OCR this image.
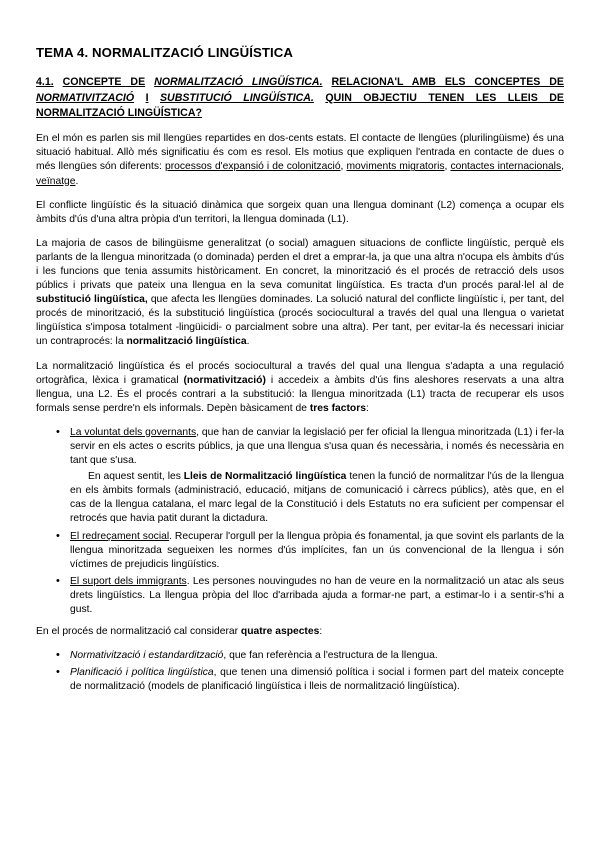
TEMA 4. NORMALITZACIÓ LINGÜÍSTICA
4.1. CONCEPTE DE NORMALITZACIÓ LINGÜÍSTICA. RELACIONA'L AMB ELS CONCEPTES DE NORMATIVITZACIÓ I SUBSTITUCIÓ LINGÜÍSTICA. QUIN OBJECTIU TENEN LES LLEIS DE NORMALITZACIÓ LINGÜÍSTICA?

En el món es parlen sis mil llengües repartides en dos-cents estats. El contacte de llengües (plurilingüisme) és una situació habitual. Allò més significatiu és com es resol. Els motius que expliquen l'entrada en contacte de dues o més llengües són diferents: processos d'expansió i de colonització, moviments migratoris, contactes internacionals, veïnatge.

El conflicte lingüístic és la situació dinàmica que sorgeix quan una llengua dominant (L2) comença a ocupar els àmbits d'ús d'una altra pròpia d'un territori, la llengua dominada (L1).

La majoria de casos de bilingüisme generalitzat (o social) amaguen situacions de conflicte lingüístic, perquè els parlants de la llengua minoritzada (o dominada) perden el dret a emprar-la, ja que una altra n'ocupa els àmbits d'ús i les funcions que tenia assumits històricament. En concret, la minorització és el procés de retracció dels usos públics i privats que pateix una llengua en la seva comunitat lingüística. Es tracta d'un procés paral·lel al de substitució lingüística, que afecta les llengües dominades. La solució natural del conflicte lingüístic i, per tant, del procés de minorització, és la substitució lingüística (procés sociocultural a través del qual una llengua o varietat lingüística s'imposa totalment -lingüicidi- o parcialment sobre una altra). Per tant, per evitar-la és necessari iniciar un contraprocés: la normalització lingüística.

La normalització lingüística és el procés sociocultural a través del qual una llengua s'adapta a una regulació ortogràfica, lèxica i gramatical (normativització) i accedeix a àmbits d'ús fins aleshores reservats a una altra llengua, una L2. És el procés contrari a la substitució: la llengua minoritzada (L1) tracta de recuperar els usos formals sense perdre'n els informals. Depèn bàsicament de tres factors:

• La voluntat dels governants, que han de canviar la legislació per fer oficial la llengua minoritzada (L1) i fer-la servir en els actes o escrits públics, ja que una llengua s'usa quan és necessària, i només és necessària en tant que s'usa.
En aquest sentit, les Lleis de Normalització lingüística tenen la funció de normalitzar l'ús de la llengua en els àmbits formals (administració, educació, mitjans de comunicació i càrrecs públics), atès que, en el cas de la llengua catalana, el marc legal de la Constitució i dels Estatuts no era suficient per compensar el retrocés que havia patit durant la dictadura.
• El redreçament social. Recuperar l'orgull per la llengua pròpia és fonamental, ja que sovint els parlants de la llengua minoritzada segueixen les normes d'ús implícites, fan un ús convencional de la llengua i són víctimes de prejudicis lingüístics.
• El suport dels immigrants. Les persones nouvingudes no han de veure en la normalització un atac als seus drets lingüístics. La llengua pròpia del lloc d'arribada ajuda a formar-ne part, a estimar-lo i a sentir-s'hi a gust.

En el procés de normalització cal considerar quatre aspectes:

• Normativització i estandardització, que fan referència a l'estructura de la llengua.
• Planificació i política lingüística, que tenen una dimensió política i social i formen part del mateix concepte de normalització (models de planificació lingüística i lleis de normalització lingüística).
